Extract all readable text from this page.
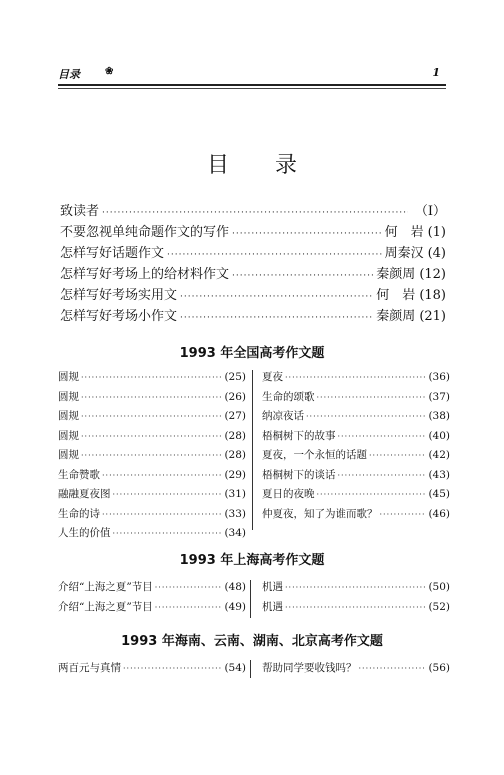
目录	❀	1
目录
致读者 ·····	（Ⅰ）
不要忽视单纯命题作文的写作 ·····	何　岩 (1)
怎样写好话题作文 ·····	周秦汉 (4)
怎样写好考场上的给材料作文 ·····	秦颜周 (12)
怎样写好考场实用文 ·····	何　岩 (18)
怎样写好考场小作文 ·····	秦颜周 (21)
1993 年全国高考作文题
圆规 ·····	(25)
圆规 ·····	(26)
圆规 ·····	(27)
圆规 ·····	(28)
圆规 ·····	(28)
生命赞歌 ·····	(29)
融融夏夜图 ·····	(31)
生命的诗 ·····	(33)
人生的价值 ·····	(34)
夏夜 ·····	(36)
生命的颂歌 ·····	(37)
纳凉夜话 ·····	(38)
梧桐树下的故事 ·····	(40)
夏夜，一个永恒的话题 ·····	(42)
梧桐树下的谈话 ·····	(43)
夏日的夜晚 ·····	(45)
仲夏夜，知了为谁而歌？ ·····	(46)
1993 年上海高考作文题
介绍“上海之夏”节目 ·····	(48)
介绍“上海之夏”节目 ·····	(49)
机遇 ·····	(50)
机遇 ·····	(52)
1993 年海南、云南、湖南、北京高考作文题
两百元与真情 ·····	(54) 帮助同学要收钱吗？ ·····	(56)
